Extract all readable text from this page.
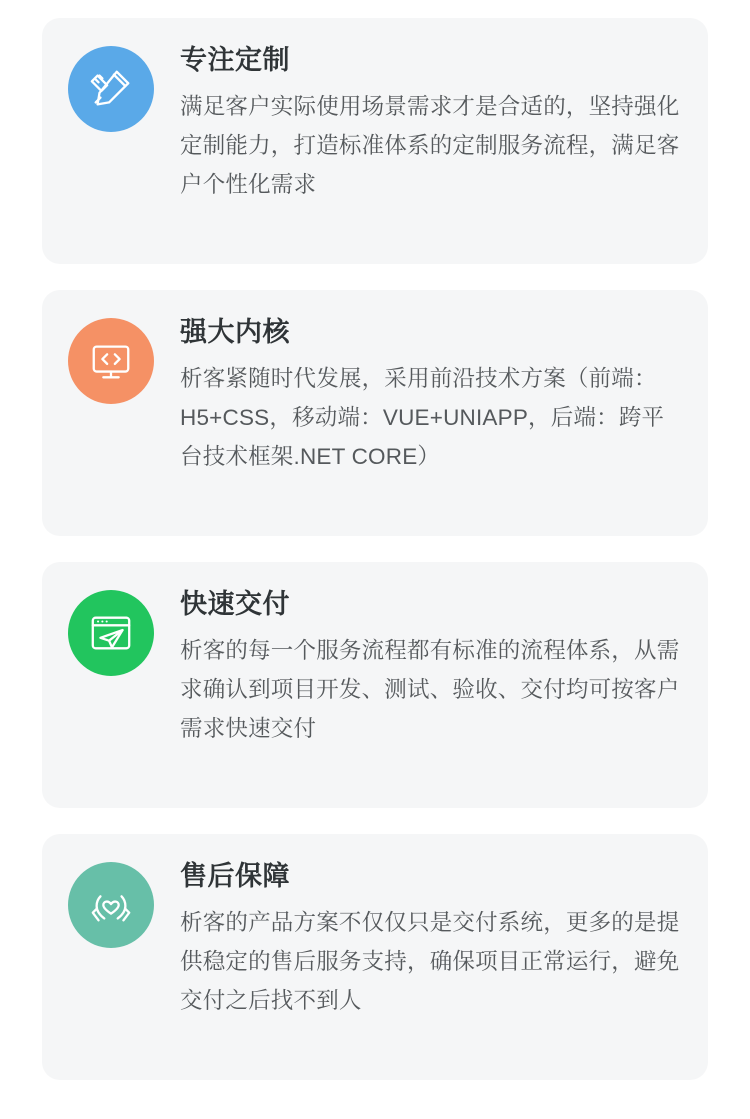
专注定制
满足客户实际使用场景需求才是合适的，坚持强化定制能力，打造标准体系的定制服务流程，满足客户个性化需求
强大内核
析客紧随时代发展，采用前沿技术方案（前端：H5+CSS，移动端：VUE+UNIAPP，后端：跨平台技术框架.NET CORE）
快速交付
析客的每一个服务流程都有标准的流程体系，从需求确认到项目开发、测试、验收、交付均可按客户需求快速交付
售后保障
析客的产品方案不仅仅只是交付系统，更多的是提供稳定的售后服务支持，确保项目正常运行，避免交付之后找不到人
